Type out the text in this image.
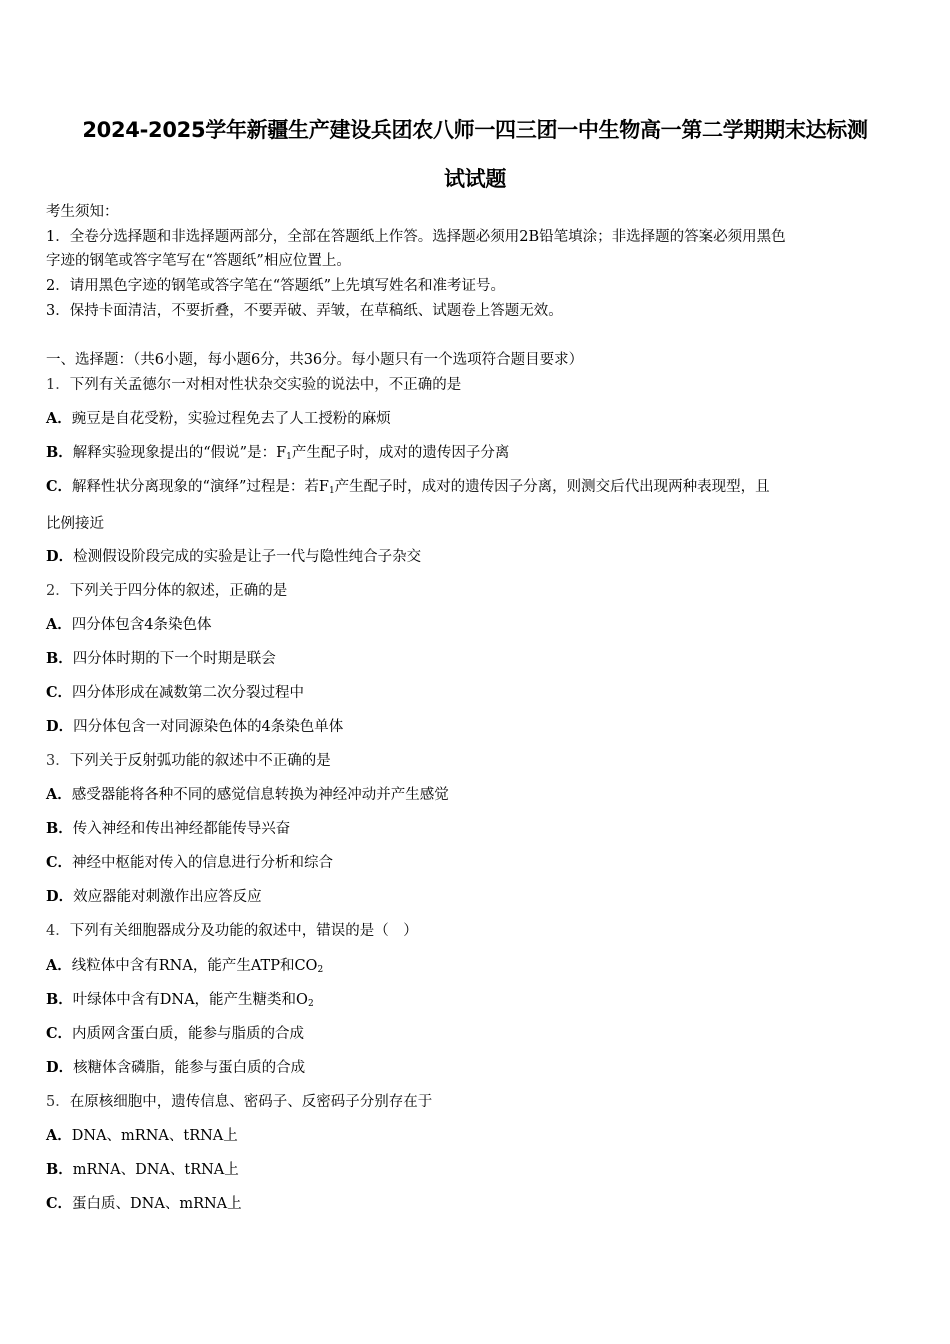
2024-2025学年新疆生产建设兵团农八师一四三团一中生物高一第二学期期末达标测
试试题
考生须知：
1．全卷分选择题和非选择题两部分，全部在答题纸上作答。选择题必须用2B铅笔填涂；非选择题的答案必须用黑色
字迹的钢笔或答字笔写在“答题纸”相应位置上。
2．请用黑色字迹的钢笔或答字笔在“答题纸”上先填写姓名和准考证号。
3．保持卡面清洁，不要折叠，不要弄破、弄皱，在草稿纸、试题卷上答题无效。
一、选择题：（共6小题，每小题6分，共36分。每小题只有一个选项符合题目要求）
1．下列有关孟德尔一对相对性状杂交实验的说法中，不正确的是
A．豌豆是自花受粉，实验过程免去了人工授粉的麻烦
B．解释实验现象提出的“假说”是：$F_1$产生配子时，成对的遗传因子分离
C．解释性状分离现象的“演绎”过程是：若$F_1$产生配子时，成对的遗传因子分离，则测交后代出现两种表现型，且
比例接近
D．检测假设阶段完成的实验是让子一代与隐性纯合子杂交
2．下列关于四分体的叙述，正确的是
A．四分体包含4条染色体
B．四分体时期的下一个时期是联会
C．四分体形成在减数第二次分裂过程中
D．四分体包含一对同源染色体的4条染色单体
3．下列关于反射弧功能的叙述中不正确的是
A．感受器能将各种不同的感觉信息转换为神经冲动并产生感觉
B．传入神经和传出神经都能传导兴奋
C．神经中枢能对传入的信息进行分析和综合
D．效应器能对刺激作出应答反应
4．下列有关细胞器成分及功能的叙述中，错误的是（　）
A．线粒体中含有RNA，能产生ATP和$CO_2$
B．叶绿体中含有DNA，能产生糖类和$O_2$
C．内质网含蛋白质，能参与脂质的合成
D．核糖体含磷脂，能参与蛋白质的合成
5．在原核细胞中，遗传信息、密码子、反密码子分别存在于
A．DNA、mRNA、tRNA上
B．mRNA、DNA、tRNA上
C．蛋白质、DNA、mRNA上
